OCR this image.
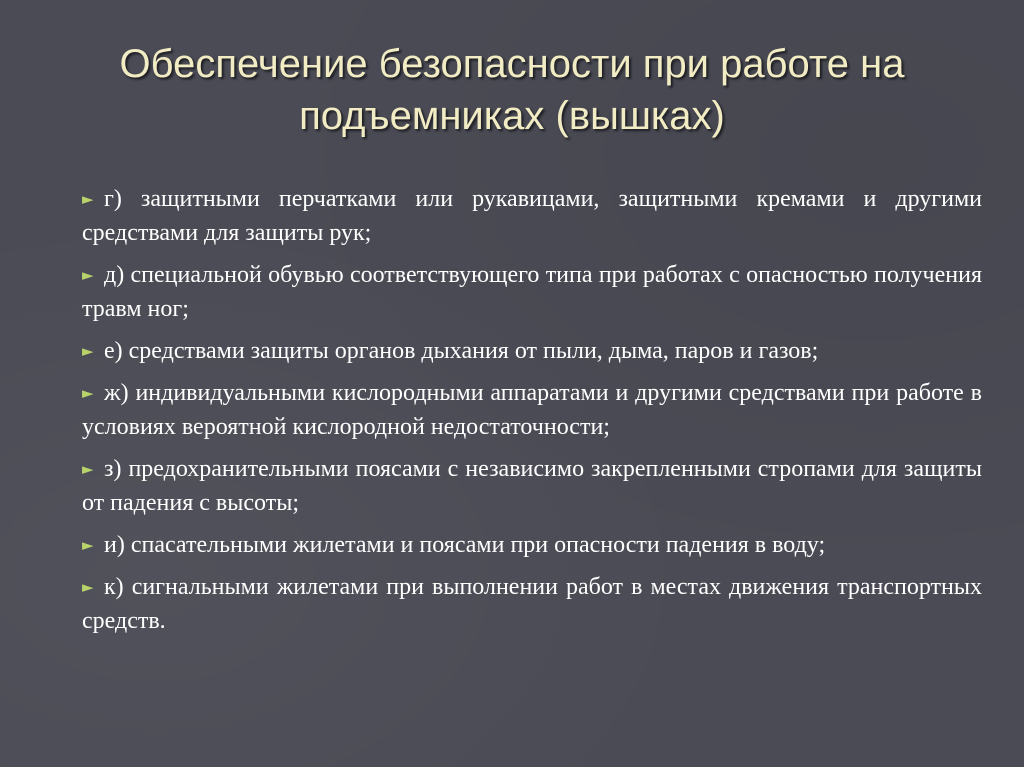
Обеспечение безопасности при работе на подъемниках (вышках)
► г) защитными перчатками или рукавицами, защитными кремами и другими средствами для защиты рук;
► д) специальной обувью соответствующего типа при работах с опасностью получения травм ног;
► е) средствами защиты органов дыхания от пыли, дыма, паров и газов;
► ж) индивидуальными кислородными аппаратами и другими средствами при работе в условиях вероятной кислородной недостаточности;
► з) предохранительными поясами с независимо закрепленными стропами для защиты от падения с высоты;
► и) спасательными жилетами и поясами при опасности падения в воду;
► к) сигнальными жилетами при выполнении работ в местах движения транспортных средств.
